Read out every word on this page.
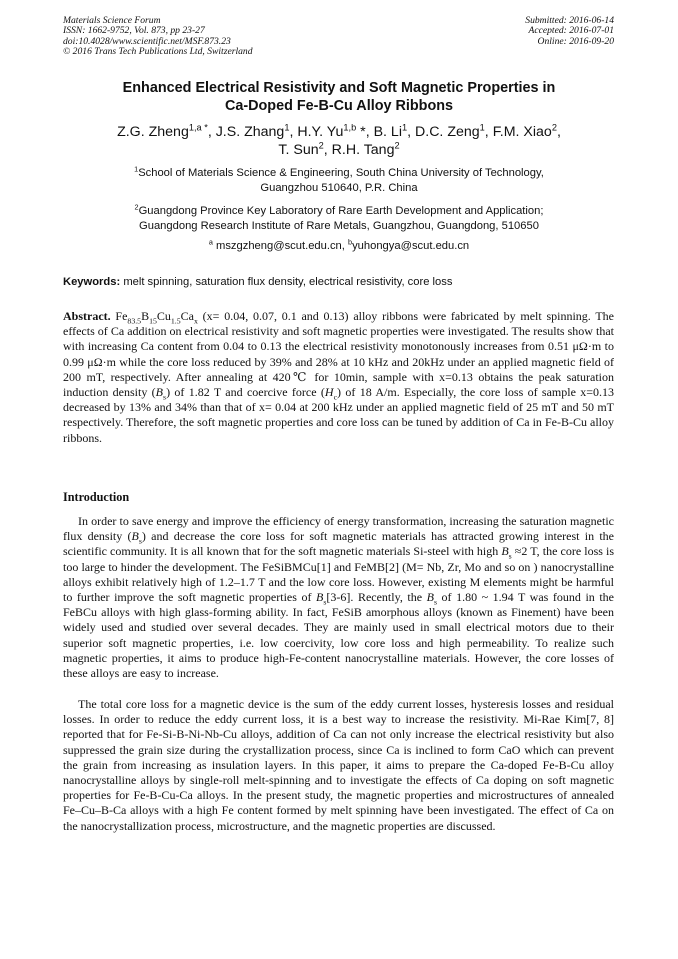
Materials Science Forum
ISSN: 1662-9752, Vol. 873, pp 23-27
doi:10.4028/www.scientific.net/MSF.873.23
© 2016 Trans Tech Publications Ltd, Switzerland
Submitted: 2016-06-14
Accepted: 2016-07-01
Online: 2016-09-20
Enhanced Electrical Resistivity and Soft Magnetic Properties in
Ca-Doped Fe-B-Cu Alloy Ribbons
Z.G. Zheng$^{1,a *}$, J.S. Zhang$^1$, H.Y. Yu$^{1,b}$ *, B. Li$^1$, D.C. Zeng$^1$, F.M. Xiao$^2$,
T. Sun$^2$, R.H. Tang$^2$
$^1$School of Materials Science & Engineering, South China University of Technology,
Guangzhou 510640, P.R. China
$^2$Guangdong Province Key Laboratory of Rare Earth Development and Application;
Guangdong Research Institute of Rare Metals, Guangzhou, Guangdong, 510650
$^a$ mszgzheng@scut.edu.cn, $^b$yuhongya@scut.edu.cn
Keywords: melt spinning, saturation flux density, electrical resistivity, core loss

Abstract. $Fe_{83.5}B_{15}Cu_{1.5}Ca_x$ (x= 0.04, 0.07, 0.1 and 0.13) alloy ribbons were fabricated by melt spinning. The effects of Ca addition on electrical resistivity and soft magnetic properties were investigated. The results show that with increasing Ca content from 0.04 to 0.13 the electrical resistivity monotonously increases from 0.51 μΩ·m to 0.99 μΩ·m while the core loss reduced by 39% and 28% at 10 kHz and 20kHz under an applied magnetic field of 200 mT, respectively. After annealing at 420℃ for 10min, sample with x=0.13 obtains the peak saturation induction density $(B_s)$ of 1.82 T and coercive force $(H_c)$ of 18 A/m. Especially, the core loss of sample x=0.13 decreased by 13% and 34% than that of x= 0.04 at 200 kHz under an applied magnetic field of 25 mT and 50 mT respectively. Therefore, the soft magnetic properties and core loss can be tuned by addition of Ca in Fe-B-Cu alloy ribbons.

Introduction

In order to save energy and improve the efficiency of energy transformation, increasing the saturation magnetic flux density $(B_s)$ and decrease the core loss for soft magnetic materials has attracted growing interest in the scientific community. It is all known that for the soft magnetic materials Si-steel with high $B_s \approx 2$ T, the core loss is too large to hinder the development. The FeSiBMCu[1] and FeMB[2] (M= Nb, Zr, Mo and so on ) nanocrystalline alloys exhibit relatively high of 1.2–1.7 T and the low core loss. However, existing M elements might be harmful to further improve the soft magnetic properties of $B_s[3-6]$. Recently, the $B_s$ of 1.80 ~ 1.94 T was found in the FeBCu alloys with high glass-forming ability. In fact, FeSiB amorphous alloys (known as Finement) have been widely used and studied over several decades. They are mainly used in small electrical motors due to their superior soft magnetic properties, i.e. low coercivity, low core loss and high permeability. To realize such magnetic properties, it aims to produce high-Fe-content nanocrystalline materials. However, the core losses of these alloys are easy to increase.

The total core loss for a magnetic device is the sum of the eddy current losses, hysteresis losses and residual losses. In order to reduce the eddy current loss, it is a best way to increase the resistivity. Mi-Rae Kim[7, 8] reported that for Fe-Si-B-Ni-Nb-Cu alloys, addition of Ca can not only increase the electrical resistivity but also suppressed the grain size during the crystallization process, since Ca is inclined to form CaO which can prevent the grain from increasing as insulation layers. In this paper, it aims to prepare the Ca-doped Fe-B-Cu alloy nanocrystalline alloys by single-roll melt-spinning and to investigate the effects of Ca doping on soft magnetic properties for Fe-B-Cu-Ca alloys. In the present study, the magnetic properties and microstructures of annealed Fe–Cu–B-Ca alloys with a high Fe content formed by melt spinning have been investigated. The effect of Ca on the nanocrystallization process, microstructure, and the magnetic properties are discussed.
